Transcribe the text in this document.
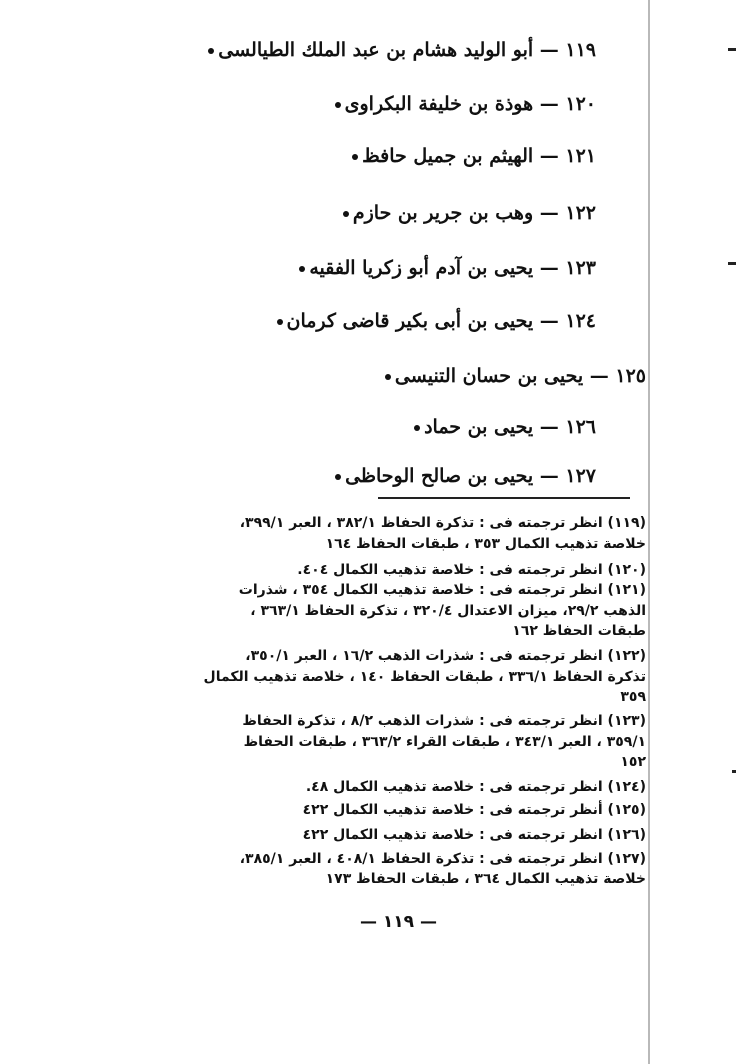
١١٩ — أبو الوليد هشام بن عبد الملك الطيالسى
١٢٠ — هوذة بن خليفة البكراوى
١٢١ — الهيثم بن جميل حافظ
١٢٢ — وهب بن جرير بن حازم
١٢٣ — يحيى بن آدم أبو زكريا الفقيه
١٢٤ — يحيى بن أبى بكير قاضى كرمان
١٢٥ — يحيى بن حسان التنيسى
١٢٦ — يحيى بن حماد
١٢٧ — يحيى بن صالح الوحاظى
(١١٩) انظر ترجمته فى : تذكرة الحفاظ ٣٨٢/١ ، العبر ٣٩٩/١،
خلاصة تذهيب الكمال ٣٥٣ ، طبقات الحفاظ ١٦٤
(١٢٠) انظر ترجمته فى : خلاصة تذهيب الكمال ٤٠٤.
(١٢١) انظر ترجمته فى : خلاصة تذهيب الكمال ٣٥٤ ، شذرات
الذهب ٢٩/٢، ميزان الاعتدال ٣٢٠/٤ ، تذكرة الحفاظ ٣٦٣/١ ،
طبقات الحفاظ ١٦٢
(١٢٢) انظر ترجمته فى : شذرات الذهب ١٦/٢ ، العبر ٣٥٠/١،
تذكرة الحفاظ ٣٣٦/١ ، طبقات الحفاظ ١٤٠ ، خلاصة تذهيب الكمال
٣٥٩
(١٢٣) انظر ترجمته فى : شذرات الذهب ٨/٢ ، تذكرة الحفاظ
٣٥٩/١ ، العبر ٣٤٣/١ ، طبقات القراء ٣٦٣/٢ ، طبقات الحفاظ
١٥٢
(١٢٤) انظر ترجمته فى : خلاصة تذهيب الكمال ٤٨.
(١٢٥) أنظر ترجمته فى : خلاصة تذهيب الكمال ٤٢٢
(١٢٦) انظر ترجمته فى : خلاصة تذهيب الكمال ٤٢٢
(١٢٧) انظر ترجمته فى : تذكرة الحفاظ ٤٠٨/١ ، العبر ٣٨٥/١،
خلاصة تذهيب الكمال ٣٦٤ ، طبقات الحفاظ ١٧٣
— ١١٩ —
